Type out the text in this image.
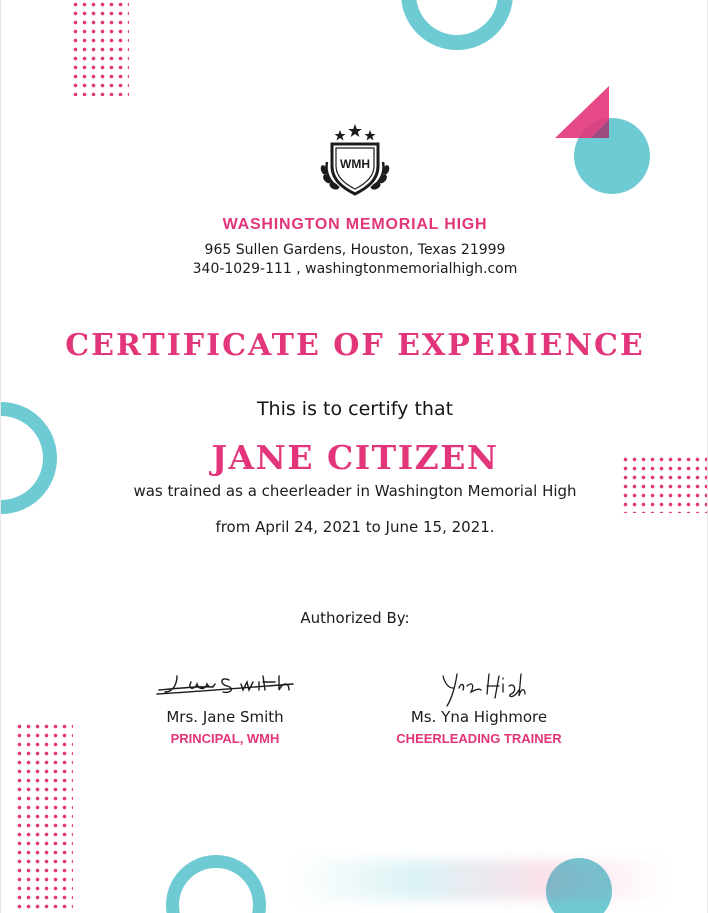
WMH
WASHINGTON MEMORIAL HIGH
965 Sullen Gardens, Houston, Texas 21999
340-1029-111 , washingtonmemorialhigh.com
CERTIFICATE OF EXPERIENCE
This is to certify that
JANE CITIZEN
was trained as a cheerleader in Washington Memorial High
from April 24, 2021 to June 15, 2021.
Authorized By:
Jane Smith
Yna High
Mrs. Jane Smith
PRINCIPAL, WMH
Ms. Yna Highmore
CHEERLEADING TRAINER
